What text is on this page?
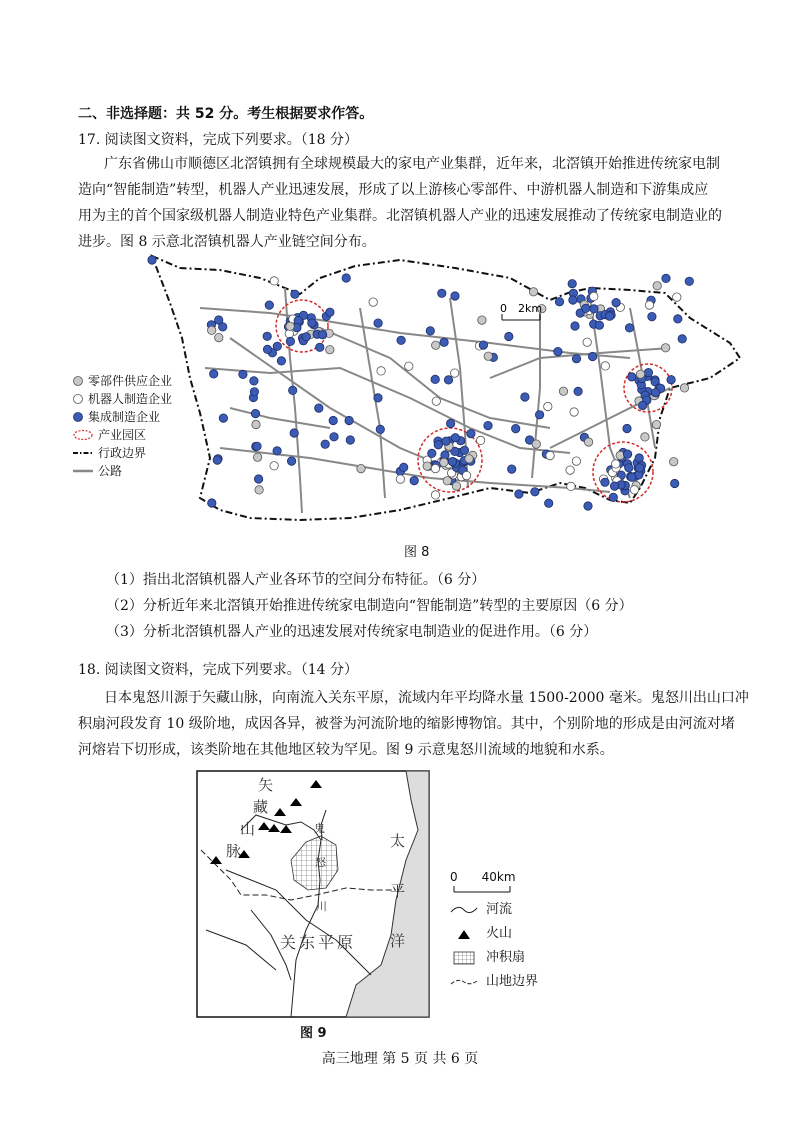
二、非选择题：共 52 分。考生根据要求作答。
17. 阅读图文资料，完成下列要求。（18 分）
广东省佛山市顺德区北滘镇拥有全球规模最大的家电产业集群，近年来，北滘镇开始推进传统家电制
造向“智能制造”转型，机器人产业迅速发展，形成了以上游核心零部件、中游机器人制造和下游集成应
用为主的首个国家级机器人制造业特色产业集群。北滘镇机器人产业的迅速发展推动了传统家电制造业的
进步。图 8 示意北滘镇机器人产业链空间分布。
0　2km
零部件供应企业
机器人制造企业
集成制造企业
产业园区
行政边界
公路
图 8
（1）指出北滘镇机器人产业各环节的空间分布特征。（6 分）
（2）分析近年来北滘镇开始推进传统家电制造向“智能制造”转型的主要原因（6 分）
（3）分析北滘镇机器人产业的迅速发展对传统家电制造业的促进作用。（6 分）
18. 阅读图文资料，完成下列要求。（14 分）
日本鬼怒川源于矢藏山脉，向南流入关东平原，流域内年平均降水量 1500-2000 毫米。鬼怒川出山口冲
积扇河段发育 10 级阶地，成因各异，被誉为河流阶地的缩影博物馆。其中，个别阶地的形成是由河流对堵
河熔岩下切形成，该类阶地在其他地区较为罕见。图 9 示意鬼怒川流域的地貌和水系。
矢
藏
山
脉
太
平
洋
关东平原
鬼
怒
川
0　　40km
河流
火山
冲积扇
山地边界
图 9
高三地理 第 5 页 共 6 页
